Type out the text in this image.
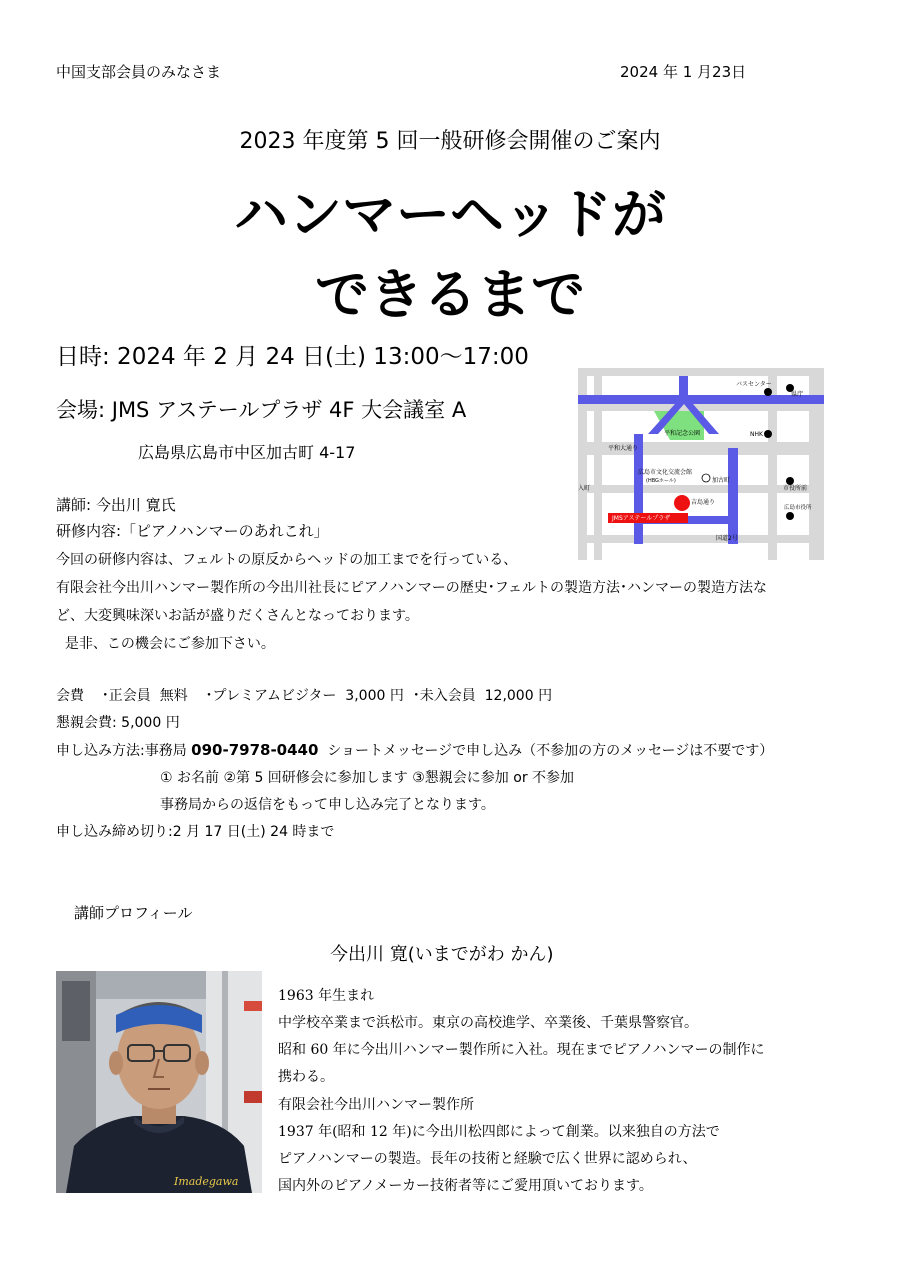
中国支部会員のみなさま	2024 年 1 月23日
2023 年度第 5 回一般研修会開催のご案内
ハンマーヘッドが
できるまで
日時: 2024 年 2 月 24 日(土) 13:00～17:00
会場: JMS アステールプラザ 4F 大会議室 A
広島県広島市中区加古町 4-17
講師: 今出川 寛氏
研修内容:「ピアノハンマーのあれこれ」
今回の研修内容は、フェルトの原反からヘッドの加工までを行っている、
有限会社今出川ハンマー製作所の今出川社長にピアノハンマーの歴史･フェルトの製造方法･ハンマーの製造方法な
ど、大変興味深いお話が盛りだくさんとなっております。
是非、この機会にご参加下さい。
会費    ･正会員  無料    ･プレミアムビジター  3,000 円  ･未入会員  12,000 円
懇親会費: 5,000 円
申し込み方法:事務局 090-7978-0440  ショートメッセージで申し込み（不参加の方のメッセージは不要です）
① お名前 ②第 5 回研修会に参加します ③懇親会に参加 or 不参加
事務局からの返信をもって申し込み完了となります。
申し込み締め切り:2 月 17 日(土) 24 時まで
講師プロフィール
今出川 寛(いまでがわ かん)
1963 年生まれ
中学校卒業まで浜松市。東京の高校進学、卒業後、千葉県警察官。
昭和 60 年に今出川ハンマー製作所に入社。現在までピアノハンマーの制作に
携わる。
有限会社今出川ハンマー製作所
1937 年(昭和 12 年)に今出川松四郎によって創業。以来独自の方法で
ピアノハンマーの製造。長年の技術と経験で広く世界に認められ、
国内外のピアノメーカー技術者等にご愛用頂いております。
Imadegawa
バスセンター
県庁
平和記念公園	NHK
平和大通り
広島市文化交流会館
(HBGホール)	加古町
入町	市役所前
JMSアステールプラザ
吉島通り
広島市役所
国道2号
